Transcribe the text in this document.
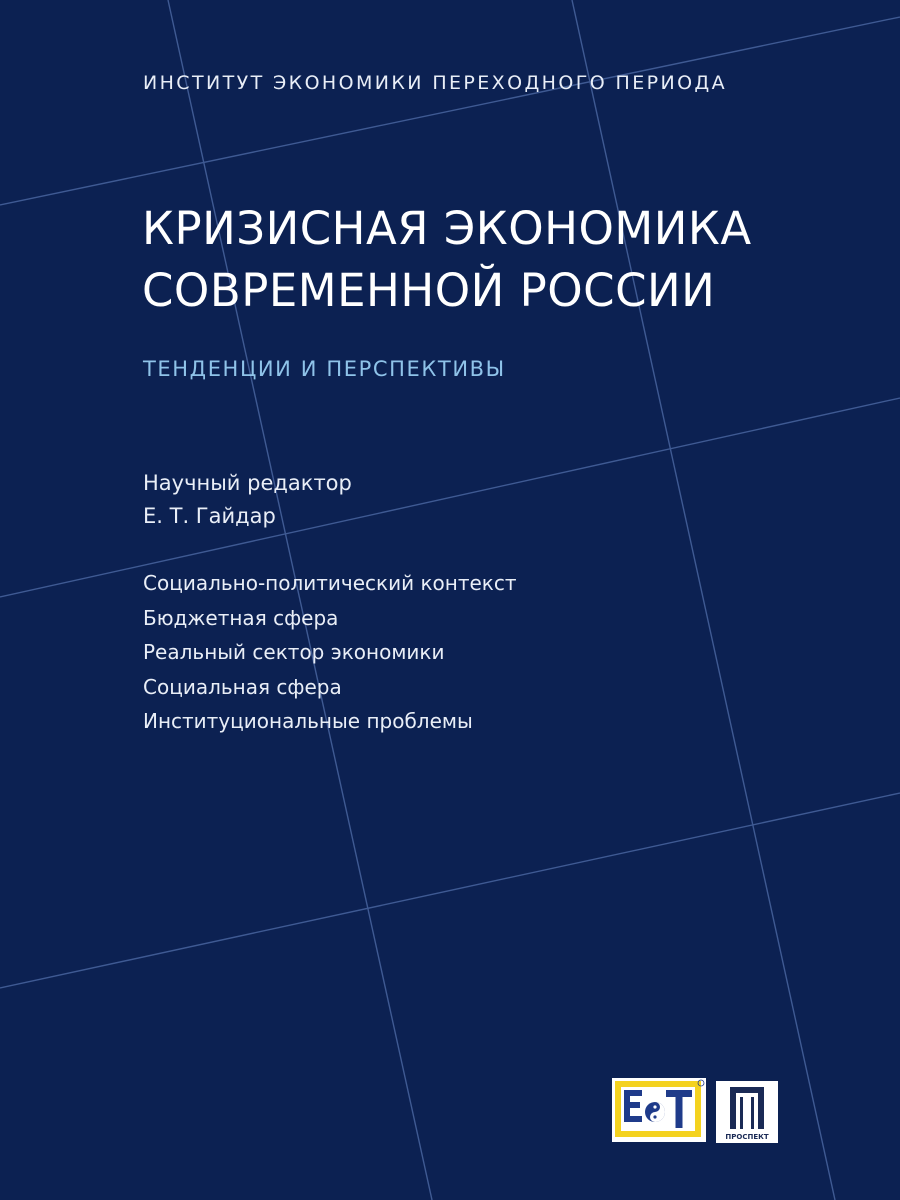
ИНСТИТУТ ЭКОНОМИКИ ПЕРЕХОДНОГО ПЕРИОДА
КРИЗИСНАЯ ЭКОНОМИКА
СОВРЕМЕННОЙ РОССИИ
ТЕНДЕНЦИИ И ПЕРСПЕКТИВЫ
Научный редактор
Е. Т. Гайдар
Социально-политический контекст
Бюджетная сфера
Реальный сектор экономики
Социальная сфера
Институциональные проблемы
ПРОСПЕКТ
